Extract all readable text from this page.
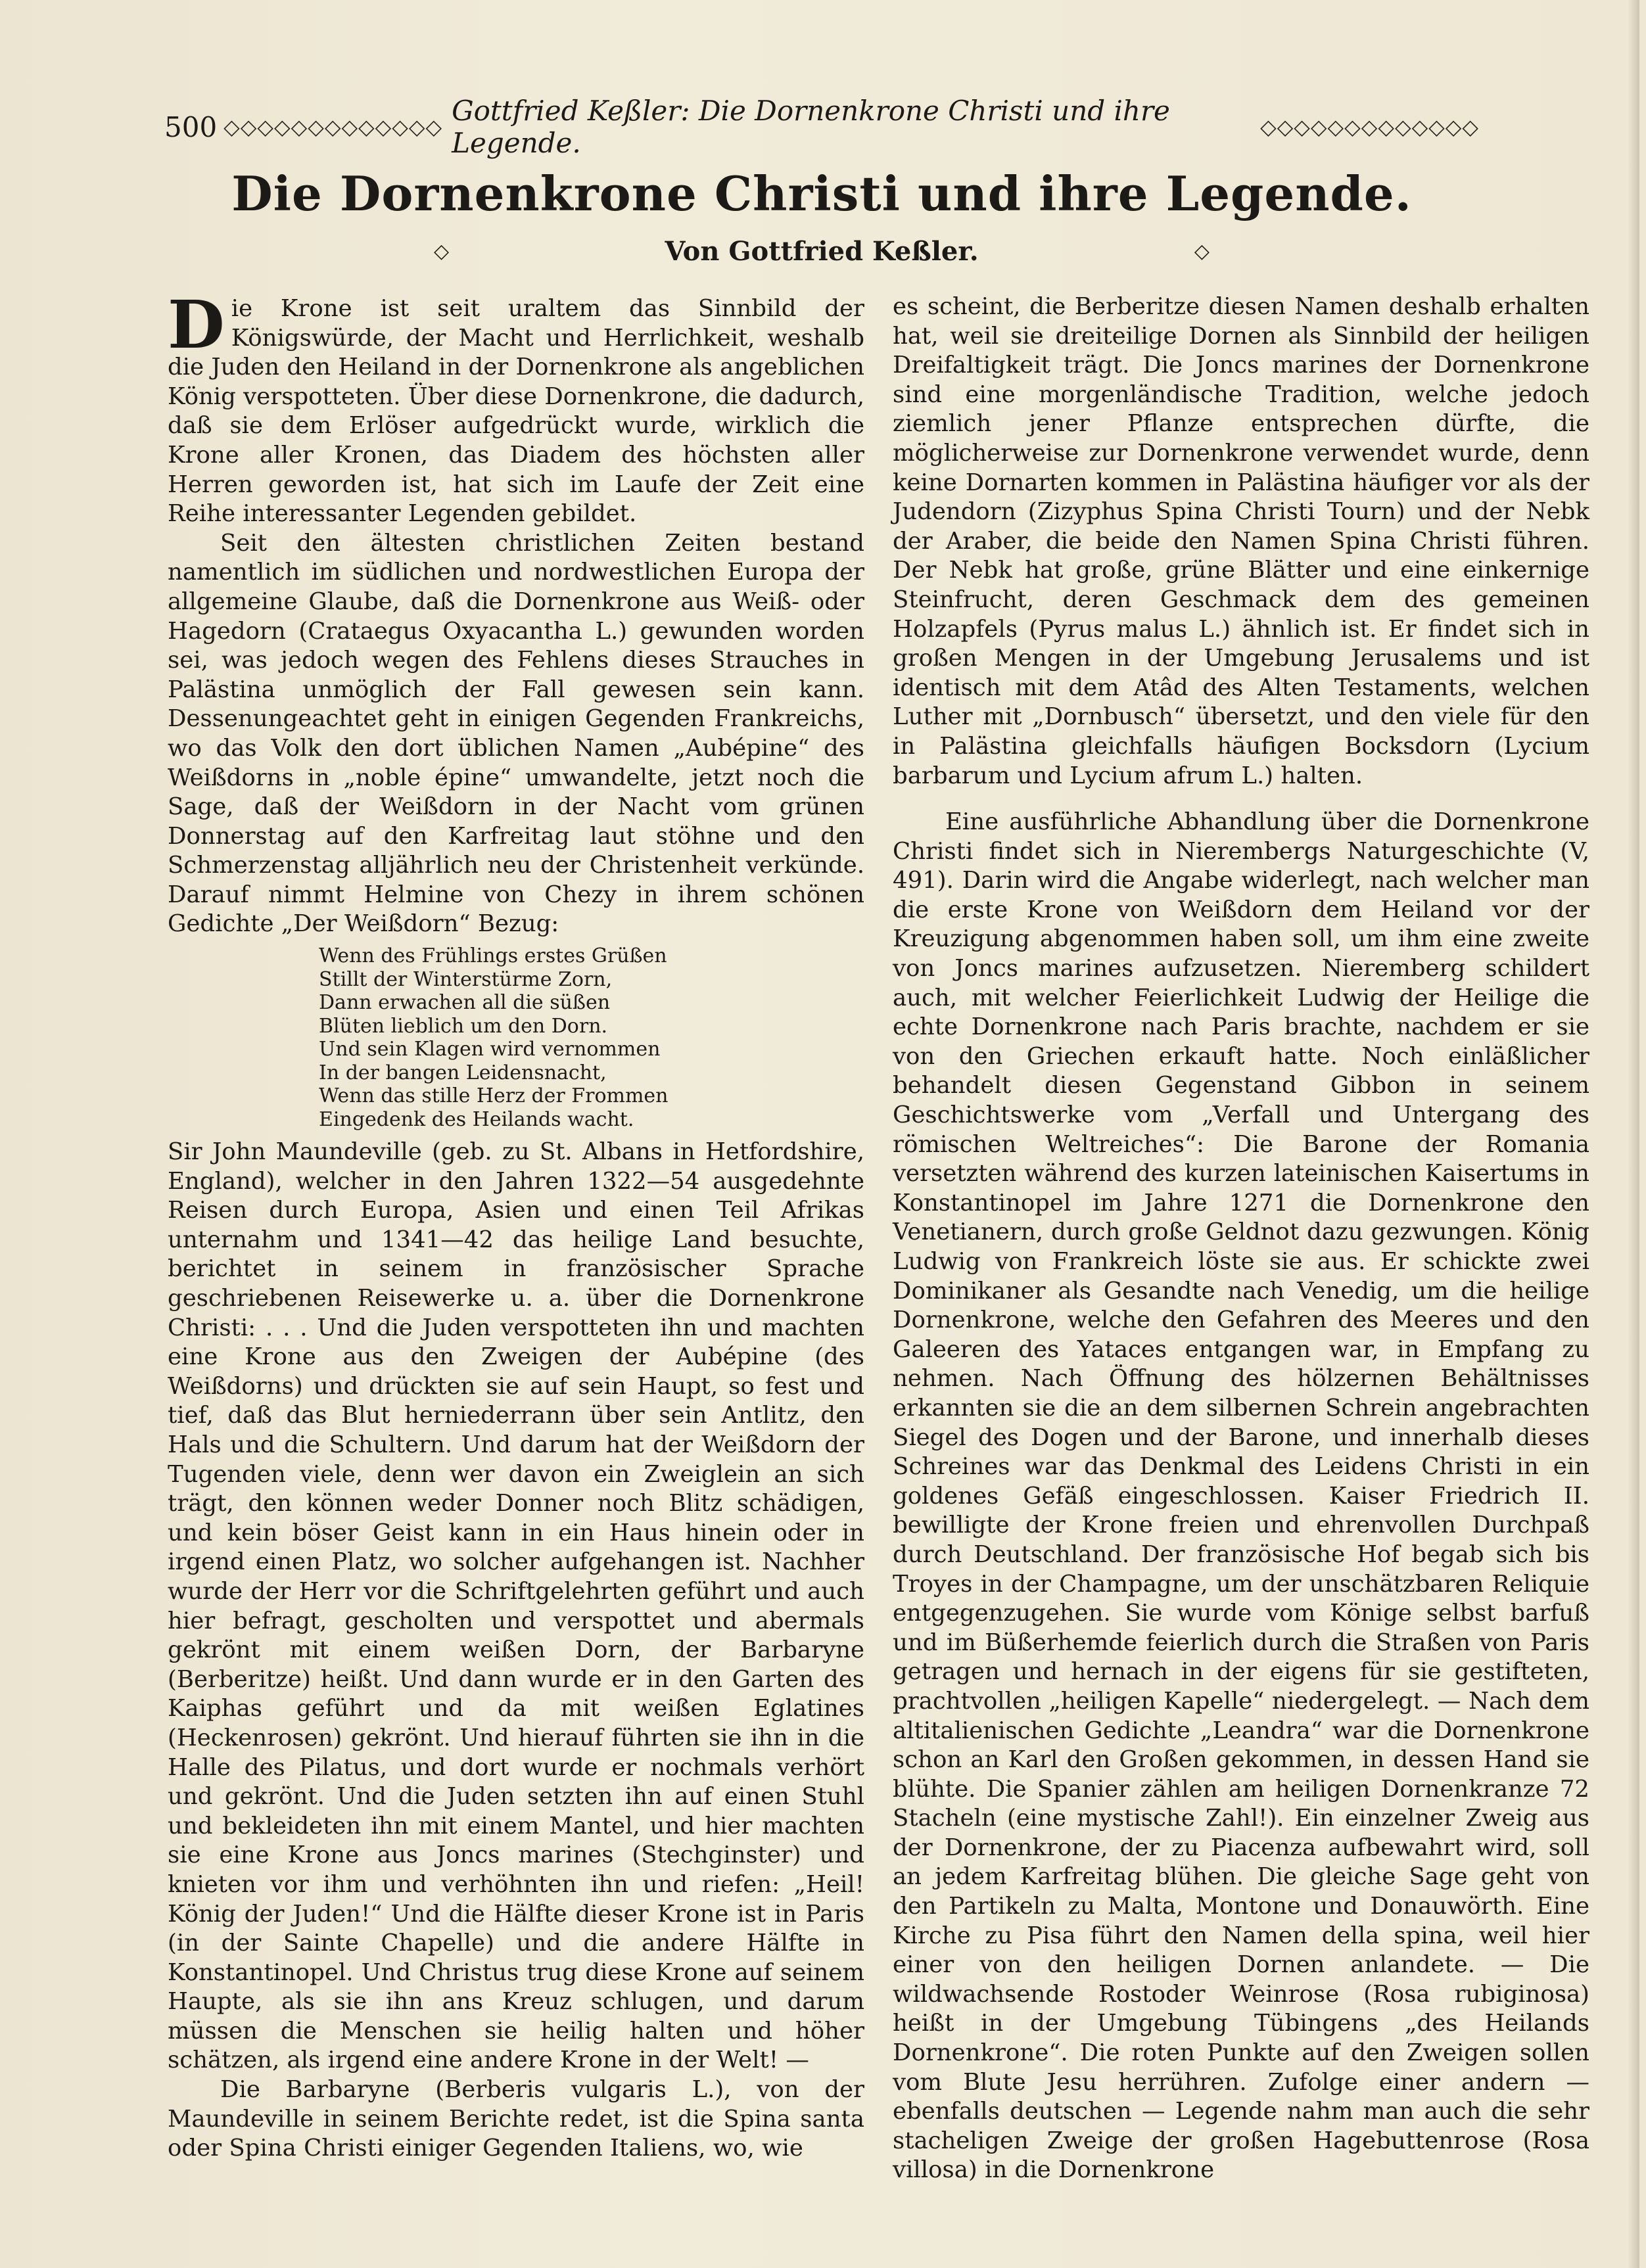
500 ◇◇◇◇◇◇◇◇◇◇◇◇◇ Gottfried Keßler: Die Dornenkrone Christi und ihre Legende.	◇◇◇◇◇◇◇◇◇◇◇◇◇
Die Dornenkrone Christi und ihre Legende.
◇	Von Gottfried Keßler.	◇

Die Krone ist seit uraltem das Sinnbild der Königswürde, der Macht und Herrlichkeit, weshalb die Juden den Heiland in der Dornenkrone als angeblichen König verspotteten. Über diese Dornenkrone, die dadurch, daß sie dem Erlöser aufgedrückt wurde, wirklich die Krone aller Kronen, das Diadem des höchsten aller Herren geworden ist, hat sich im Laufe der Zeit eine Reihe interessanter Legenden gebildet.

Seit den ältesten christlichen Zeiten bestand namentlich im südlichen und nordwestlichen Europa der allgemeine Glaube, daß die Dornenkrone aus Weiß- oder Hagedorn (Crataegus Oxyacantha L.) gewunden worden sei, was jedoch wegen des Fehlens dieses Strauches in Palästina unmöglich der Fall gewesen sein kann. Dessenungeachtet geht in einigen Gegenden Frankreichs, wo das Volk den dort üblichen Namen „Aubépine“ des Weißdorns in „noble épine“ umwandelte, jetzt noch die Sage, daß der Weißdorn in der Nacht vom grünen Donnerstag auf den Karfreitag laut stöhne und den Schmerzenstag alljährlich neu der Christenheit verkünde. Darauf nimmt Helmine von Chezy in ihrem schönen Gedichte „Der Weißdorn“ Bezug:

Wenn des Frühlings erstes Grüßen
Stillt der Winterstürme Zorn,
Dann erwachen all die süßen
Blüten lieblich um den Dorn.
Und sein Klagen wird vernommen
In der bangen Leidensnacht,
Wenn das stille Herz der Frommen
Eingedenk des Heilands wacht.

Sir John Maundeville (geb. zu St. Albans in Hetfordshire, England), welcher in den Jahren 1322—54 ausgedehnte Reisen durch Europa, Asien und einen Teil Afrikas unternahm und 1341—42 das heilige Land besuchte, berichtet in seinem in französischer Sprache geschriebenen Reisewerke u. a. über die Dornenkrone Christi: . . . Und die Juden verspotteten ihn und machten eine Krone aus den Zweigen der Aubépine (des Weißdorns) und drückten sie auf sein Haupt, so fest und tief, daß das Blut herniederrann über sein Antlitz, den Hals und die Schultern. Und darum hat der Weißdorn der Tugenden viele, denn wer davon ein Zweiglein an sich trägt, den können weder Donner noch Blitz schädigen, und kein böser Geist kann in ein Haus hinein oder in irgend einen Platz, wo solcher aufgehangen ist. Nachher wurde der Herr vor die Schriftgelehrten geführt und auch hier befragt, gescholten und verspottet und abermals gekrönt mit einem weißen Dorn, der Barbaryne (Berberitze) heißt. Und dann wurde er in den Garten des Kaiphas geführt und da mit weißen Eglatines (Heckenrosen) gekrönt. Und hierauf führten sie ihn in die Halle des Pilatus, und dort wurde er nochmals verhört und gekrönt. Und die Juden setzten ihn auf einen Stuhl und bekleideten ihn mit einem Mantel, und hier machten sie eine Krone aus Joncs marines (Stechginster) und knieten vor ihm und verhöhnten ihn und riefen: „Heil! König der Juden!“ Und die Hälfte dieser Krone ist in Paris (in der Sainte Chapelle) und die andere Hälfte in Konstantinopel. Und Christus trug diese Krone auf seinem Haupte, als sie ihn ans Kreuz schlugen, und darum müssen die Menschen sie heilig halten und höher schätzen, als irgend eine andere Krone in der Welt! —

Die Barbaryne (Berberis vulgaris L.), von der Maundeville in seinem Berichte redet, ist die Spina santa oder Spina Christi einiger Gegenden Italiens, wo, wie

es scheint, die Berberitze diesen Namen deshalb erhalten hat, weil sie dreiteilige Dornen als Sinnbild der heiligen Dreifaltigkeit trägt. Die Joncs marines der Dornenkrone sind eine morgenländische Tradition, welche jedoch ziemlich jener Pflanze entsprechen dürfte, die möglicherweise zur Dornenkrone verwendet wurde, denn keine Dornarten kommen in Palästina häufiger vor als der Judendorn (Zizyphus Spina Christi Tourn) und der Nebk der Araber, die beide den Namen Spina Christi führen. Der Nebk hat große, grüne Blätter und eine einkernige Steinfrucht, deren Geschmack dem des gemeinen Holzapfels (Pyrus malus L.) ähnlich ist. Er findet sich in großen Mengen in der Umgebung Jerusalems und ist identisch mit dem Atâd des Alten Testaments, welchen Luther mit „Dornbusch“ übersetzt, und den viele für den in Palästina gleichfalls häufigen Bocksdorn (Lycium barbarum und Lycium afrum L.) halten.

Eine ausführliche Abhandlung über die Dornenkrone Christi findet sich in Nierembergs Naturgeschichte (V, 491). Darin wird die Angabe widerlegt, nach welcher man die erste Krone von Weißdorn dem Heiland vor der Kreuzigung abgenommen haben soll, um ihm eine zweite von Joncs marines aufzusetzen. Nieremberg schildert auch, mit welcher Feierlichkeit Ludwig der Heilige die echte Dornenkrone nach Paris brachte, nachdem er sie von den Griechen erkauft hatte. Noch einläßlicher behandelt diesen Gegenstand Gibbon in seinem Geschichtswerke vom „Verfall und Untergang des römischen Weltreiches“: Die Barone der Romania versetzten während des kurzen lateinischen Kaisertums in Konstantinopel im Jahre 1271 die Dornenkrone den Venetianern, durch große Geldnot dazu gezwungen. König Ludwig von Frankreich löste sie aus. Er schickte zwei Dominikaner als Gesandte nach Venedig, um die heilige Dornenkrone, welche den Gefahren des Meeres und den Galeeren des Yataces entgangen war, in Empfang zu nehmen. Nach Öffnung des hölzernen Behältnisses erkannten sie die an dem silbernen Schrein angebrachten Siegel des Dogen und der Barone, und innerhalb dieses Schreines war das Denkmal des Leidens Christi in ein goldenes Gefäß eingeschlossen. Kaiser Friedrich II. bewilligte der Krone freien und ehrenvollen Durchpaß durch Deutschland. Der französische Hof begab sich bis Troyes in der Champagne, um der unschätzbaren Reliquie entgegenzugehen. Sie wurde vom Könige selbst barfuß und im Büßerhemde feierlich durch die Straßen von Paris getragen und hernach in der eigens für sie gestifteten, prachtvollen „heiligen Kapelle“ niedergelegt. — Nach dem altitalienischen Gedichte „Leandra“ war die Dornenkrone schon an Karl den Großen gekommen, in dessen Hand sie blühte. Die Spanier zählen am heiligen Dornenkranze 72 Stacheln (eine mystische Zahl!). Ein einzelner Zweig aus der Dornenkrone, der zu Piacenza aufbewahrt wird, soll an jedem Karfreitag blühen. Die gleiche Sage geht von den Partikeln zu Malta, Montone und Donauwörth. Eine Kirche zu Pisa führt den Namen della spina, weil hier einer von den heiligen Dornen anlandete. — Die wildwachsende Rostoder Weinrose (Rosa rubiginosa) heißt in der Umgebung Tübingens „des Heilands Dornenkrone“. Die roten Punkte auf den Zweigen sollen vom Blute Jesu herrühren. Zufolge einer andern — ebenfalls deutschen — Legende nahm man auch die sehr stacheligen Zweige der großen Hagebuttenrose (Rosa villosa) in die Dornenkrone
